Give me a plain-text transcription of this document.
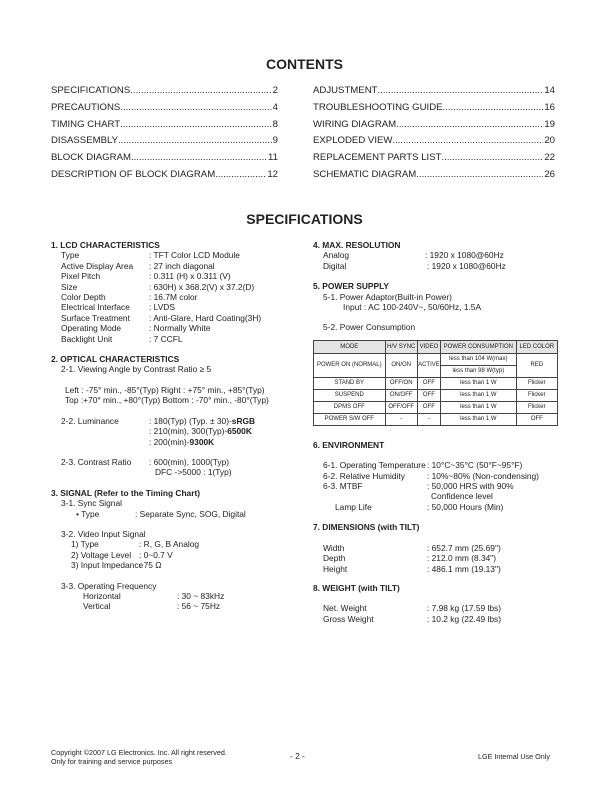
CONTENTS
SPECIFICATIONS .....	2
PRECAUTIONS .....	4
TIMING CHART .....	8
DISASSEMBLY .....	9
BLOCK DIAGRAM .....	11
DESCRIPTION OF BLOCK DIAGRAM .....	12
ADJUSTMENT .....	14
TROUBLESHOOTING GUIDE .....	16
WIRING DIAGRAM .....	19
EXPLODED VIEW .....	20
REPLACEMENT PARTS LIST .....	22
SCHEMATIC DIAGRAM .....	26
SPECIFICATIONS
1. LCD CHARACTERISTICS
Type	: TFT Color LCD Module
Active Display Area	: 27 inch diagonal
Pixel Pitch	: 0.311 (H) x 0.311 (V)
Size	: 630H) x 368.2(V) x 37.2(D)
Color Depth	: 16.7M color
Electrical Interface	: LVDS
Surface Treatment	: Anti-Glare, Hard Coating(3H)
Operating Mode	: Normally White
Backlight Unit	: 7 CCFL
2. OPTICAL CHARACTERISTICS
2-1. Viewing Angle by Contrast Ratio ≥ 5
Left : -75° min., -85°(Typ) Right : +75° min., +85°(Typ)
Top :+70° min., +80°(Typ) Bottom : -70° min., -80°(Typ)
2-2. Luminance	: 180(Typ) (Typ. ± 30)-sRGB
: 210(min), 300(Typ)-6500K
: 200(min)-9300K
2-3. Contrast Ratio	: 600(min), 1000(Typ)
DFC ->5000 : 1(Typ)
3. SIGNAL (Refer to the Timing Chart)
3-1. Sync Signal
• Type	: Separate Sync, SOG, Digital
3-2. Video Input Signal
1) Type	: R, G, B Analog
2) Voltage Level : 0~0.7 V
3) Input Impedance
: 75 Ω
3-3. Operating Frequency
Horizontal	: 30 ~ 83kHz
Vertical	: 56 ~ 75Hz
4. MAX. RESOLUTION
Analog	: 1920 x 1080@60Hz
Digital	: 1920 x 1080@60Hz
5. POWER SUPPLY
5-1. Power Adaptor(Built-in Power)
Input : AC 100-240V~, 50/60Hz, 1.5A
5-2. Power Consumption
MODE	H/V SYNC	VIDEO	POWER CONSUMPTION	LED COLOR
POWER ON (NORMAL)	ON/ON	ACTIVE	less than 104 W(max)	RED
			less than 98 W(typ)	
STAND BY	OFF/ON	OFF	less than 1 W	Flicker
SUSPEND	ON/OFF	OFF	less than 1 W	Flicker
DPMS OFF	OFF/OFF	OFF	less than 1 W	Flicker
POWER S/W OFF	-	-	less than 1 W	OFF
6. ENVIRONMENT
6-1. Operating Temperature : 10°C~35°C (50°F~95°F)
6-2. Relative Humidity	: 10%~80% (Non-condensing)
6-3. MTBF	: 50,000 HRS with 90%
Confidence level
Lamp Life	: 50,000 Hours (Min)
7. DIMENSIONS (with TILT)
Width	: 652.7 mm (25.69")
Depth	: 212.0 mm (8.34")
Height	: 486.1 mm (19.13")
8. WEIGHT (with TILT)
Net. Weight	: 7.98 kg (17.59 lbs)
Gross Weight	: 10.2 kg (22.49 lbs)
Copyright ©2007 LG Electronics. Inc. All right reserved.
Only for training and service purposes
- 2 -	LGE Internal Use Only
